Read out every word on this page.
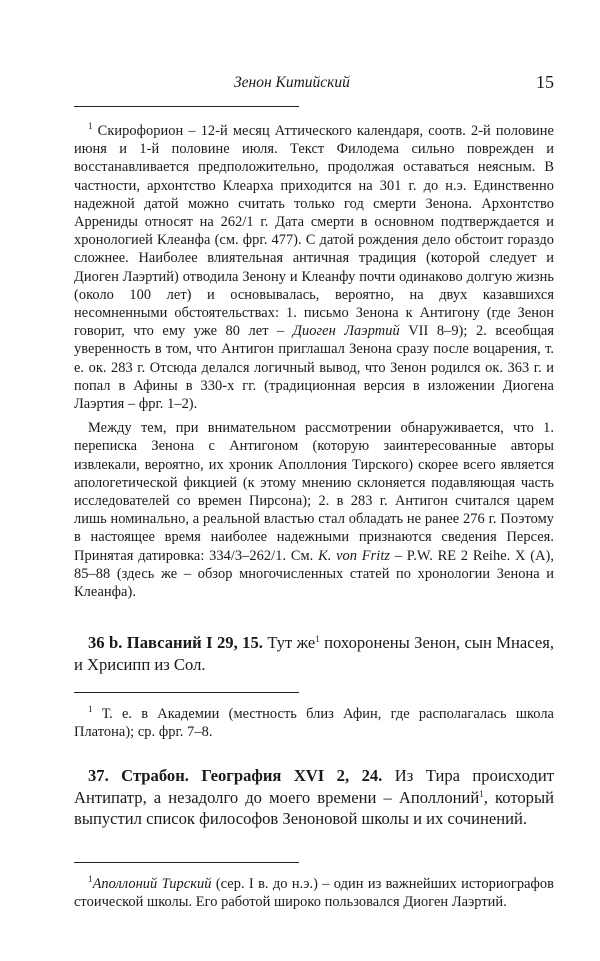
Зенон Китийский	15

$^1$ Скирофорион – 12-й месяц Аттического календаря, соотв. 2-й половине июня и 1-й половине июля. Текст Филодема сильно поврежден и восстанавливается предположительно, продолжая оставаться неясным. В частности, архонтство Клеарха приходится на 301 г. до н.э. Единственно надежной датой можно считать только год смерти Зенона. Архонтство Аррениды относят на 262/1 г. Дата смерти в основном подтверждается и хронологией Клеанфа (см. фрг. 477). С датой рождения дело обстоит гораздо сложнее. Наиболее влиятельная античная традиция (которой следует и Диоген Лаэртий) отводила Зенону и Клеанфу почти одинаково долгую жизнь (около 100 лет) и основывалась, вероятно, на двух казавшихся несомненными обстоятельствах: 1. письмо Зенона к Антигону (где Зенон говорит, что ему уже 80 лет – Диоген Лаэртий VII 8–9); 2. всеобщая уверенность в том, что Антигон приглашал Зенона сразу после воцарения, т. е. ок. 283 г. Отсюда делался логичный вывод, что Зенон родился ок. 363 г. и попал в Афины в 330-х гг. (традиционная версия в изложении Диогена Лаэртия – фрг. 1–2).

Между тем, при внимательном рассмотрении обнаруживается, что 1. переписка Зенона с Антигоном (которую заинтересованные авторы извлекали, вероятно, их хроник Аполлония Тирского) скорее всего является апологетической фикцией (к этому мнению склоняется подавляющая часть исследователей со времен Пирсона); 2. в 283 г. Антигон считался царем лишь номинально, а реальной властью стал обладать не ранее 276 г. Поэтому в настоящее время наиболее надежными признаются сведения Персея. Принятая датировка: 334/3–262/1. См. K. von Fritz – P.W. RE 2 Reihe. X (A), 85–88 (здесь же – обзор многочисленных статей по хронологии Зенона и Клеанфа).

36 b. Павсаний I 29, 15. Тут $же^1$ похоронены Зенон, сын Мнасея, и Хрисипп из Сол.

$^1$ Т. е. в Академии (местность близ Афин, где располагалась школа Платона); ср. фрг. 7–8.

37. Страбон. География XVI 2, 24. Из Тира происходит Антипатр, а незадолго до моего времени – Аполлоний$^1$, который выпустил список философов Зеноновой школы и их сочинений.

$^1$Аполлоний Тирский (сер. I в. до н.э.) – один из важнейших историографов стоической школы. Его работой широко пользовался Диоген Лаэртий.
